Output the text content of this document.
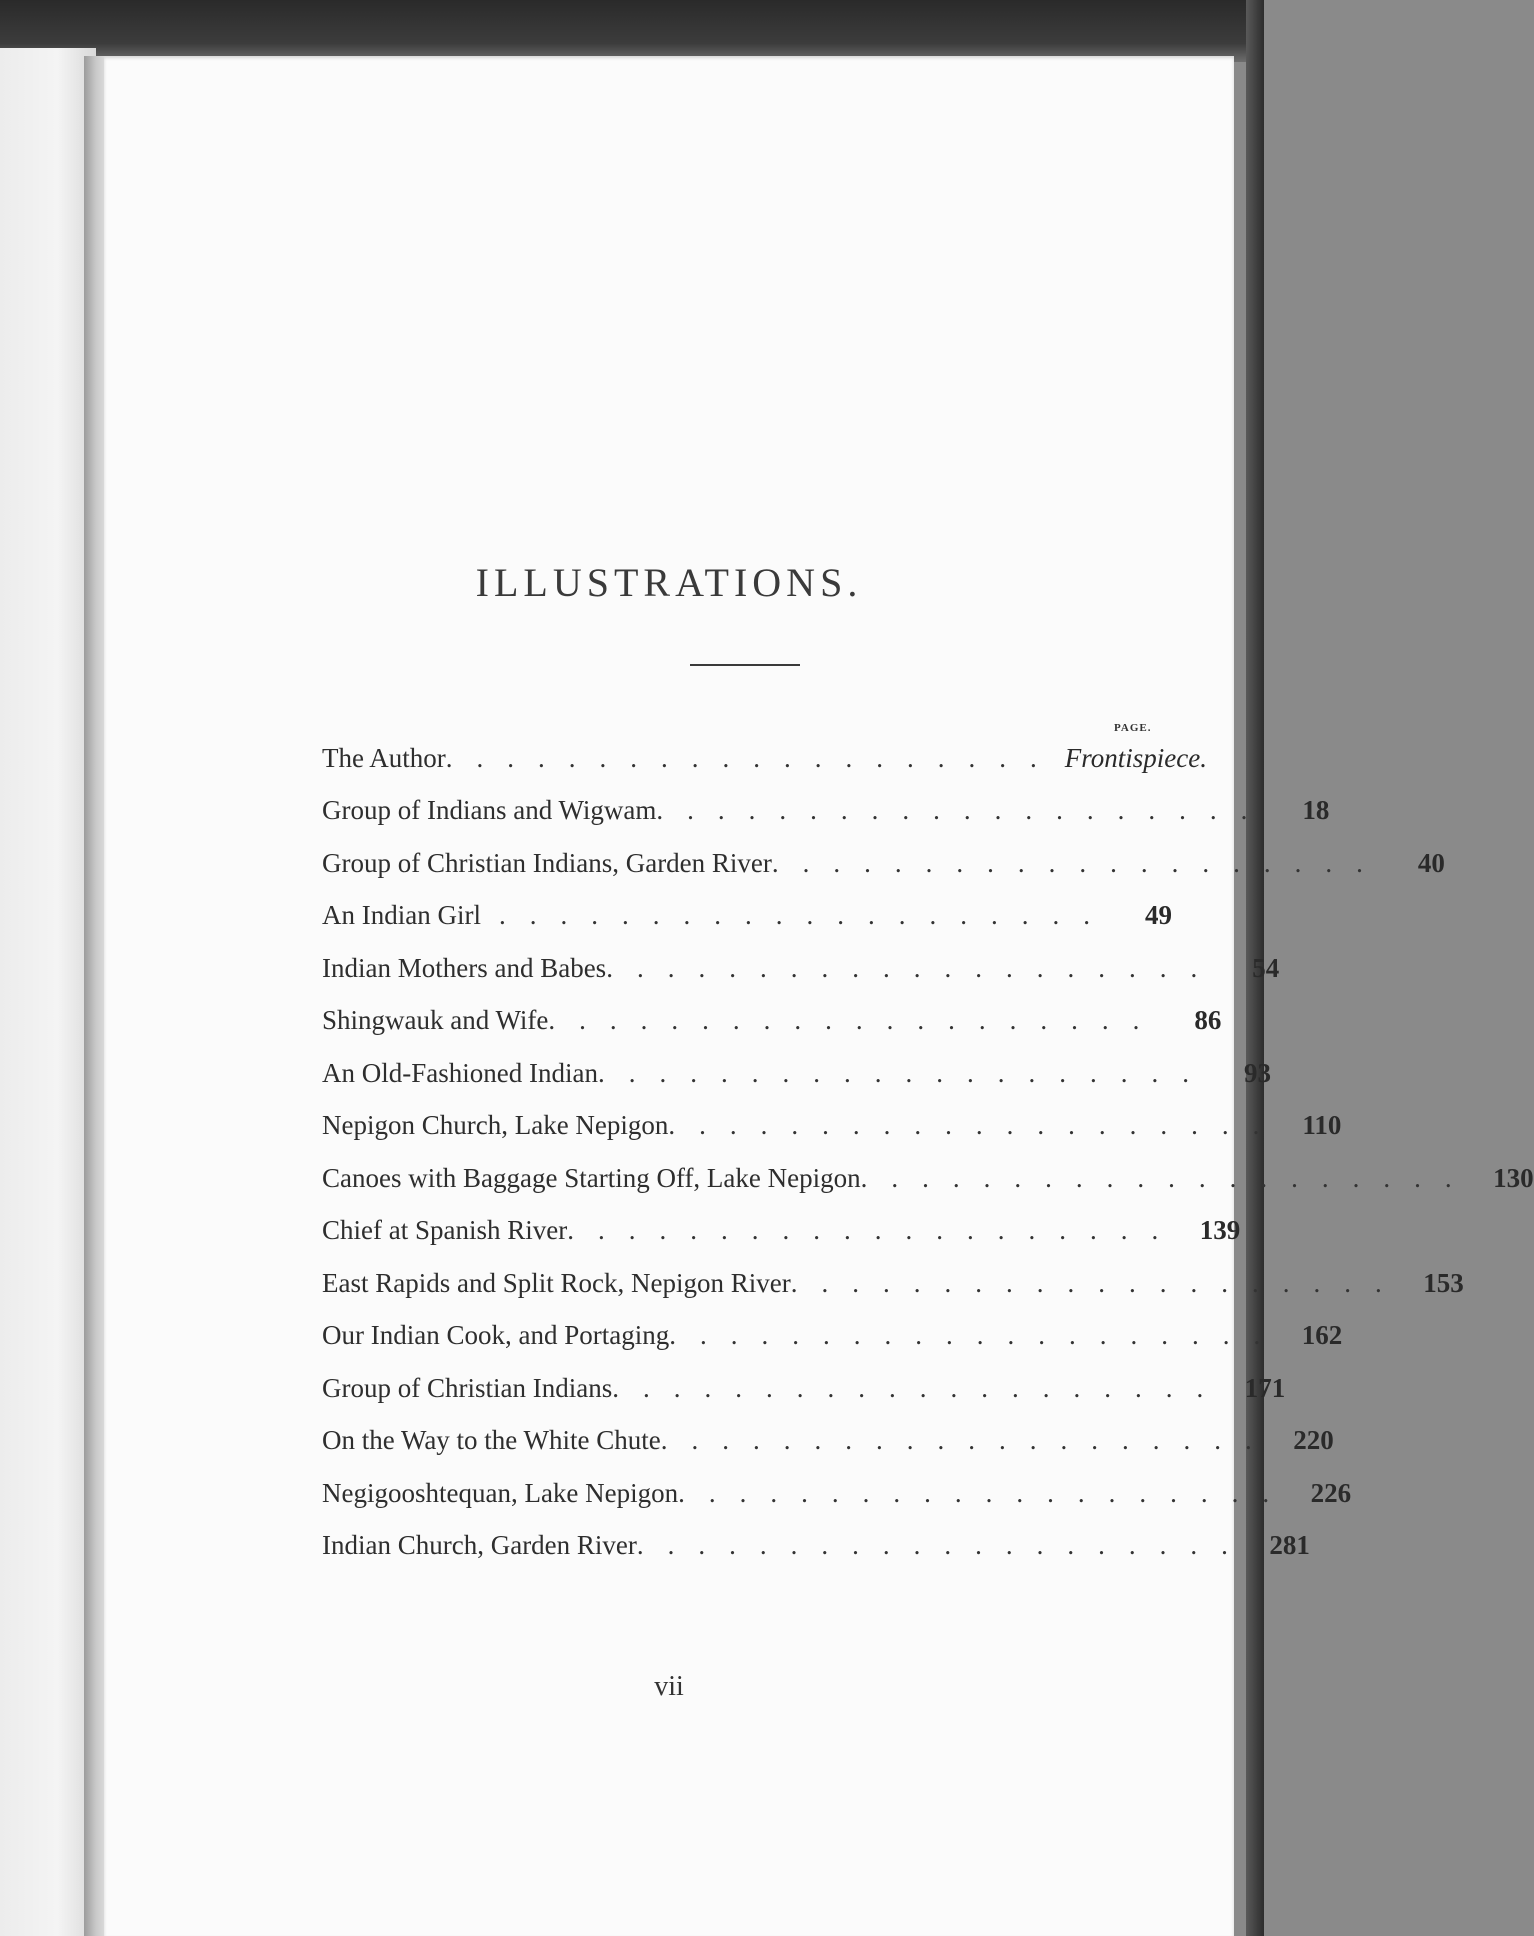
ILLUSTRATIONS.
PAGE.
The Author .................... Frontispiece.
Group of Indians and Wigwam ....................	18
Group of Christian Indians, Garden River ....................	40
An Indian Girl ....................	49
Indian Mothers and Babes ....................	54
Shingwauk and Wife ....................	86
An Old-Fashioned Indian ....................	93
Nepigon Church, Lake Nepigon .................... 110
Canoes with Baggage Starting Off, Lake Nepigon .................... 130
Chief at Spanish River .................... 139
East Rapids and Split Rock, Nepigon River .................... 153
Our Indian Cook, and Portaging .................... 162
Group of Christian Indians .................... 171
On the Way to the White Chute .................... 220
Negigooshtequan, Lake Nepigon .................... 226
Indian Church, Garden River .................... 281
vii
